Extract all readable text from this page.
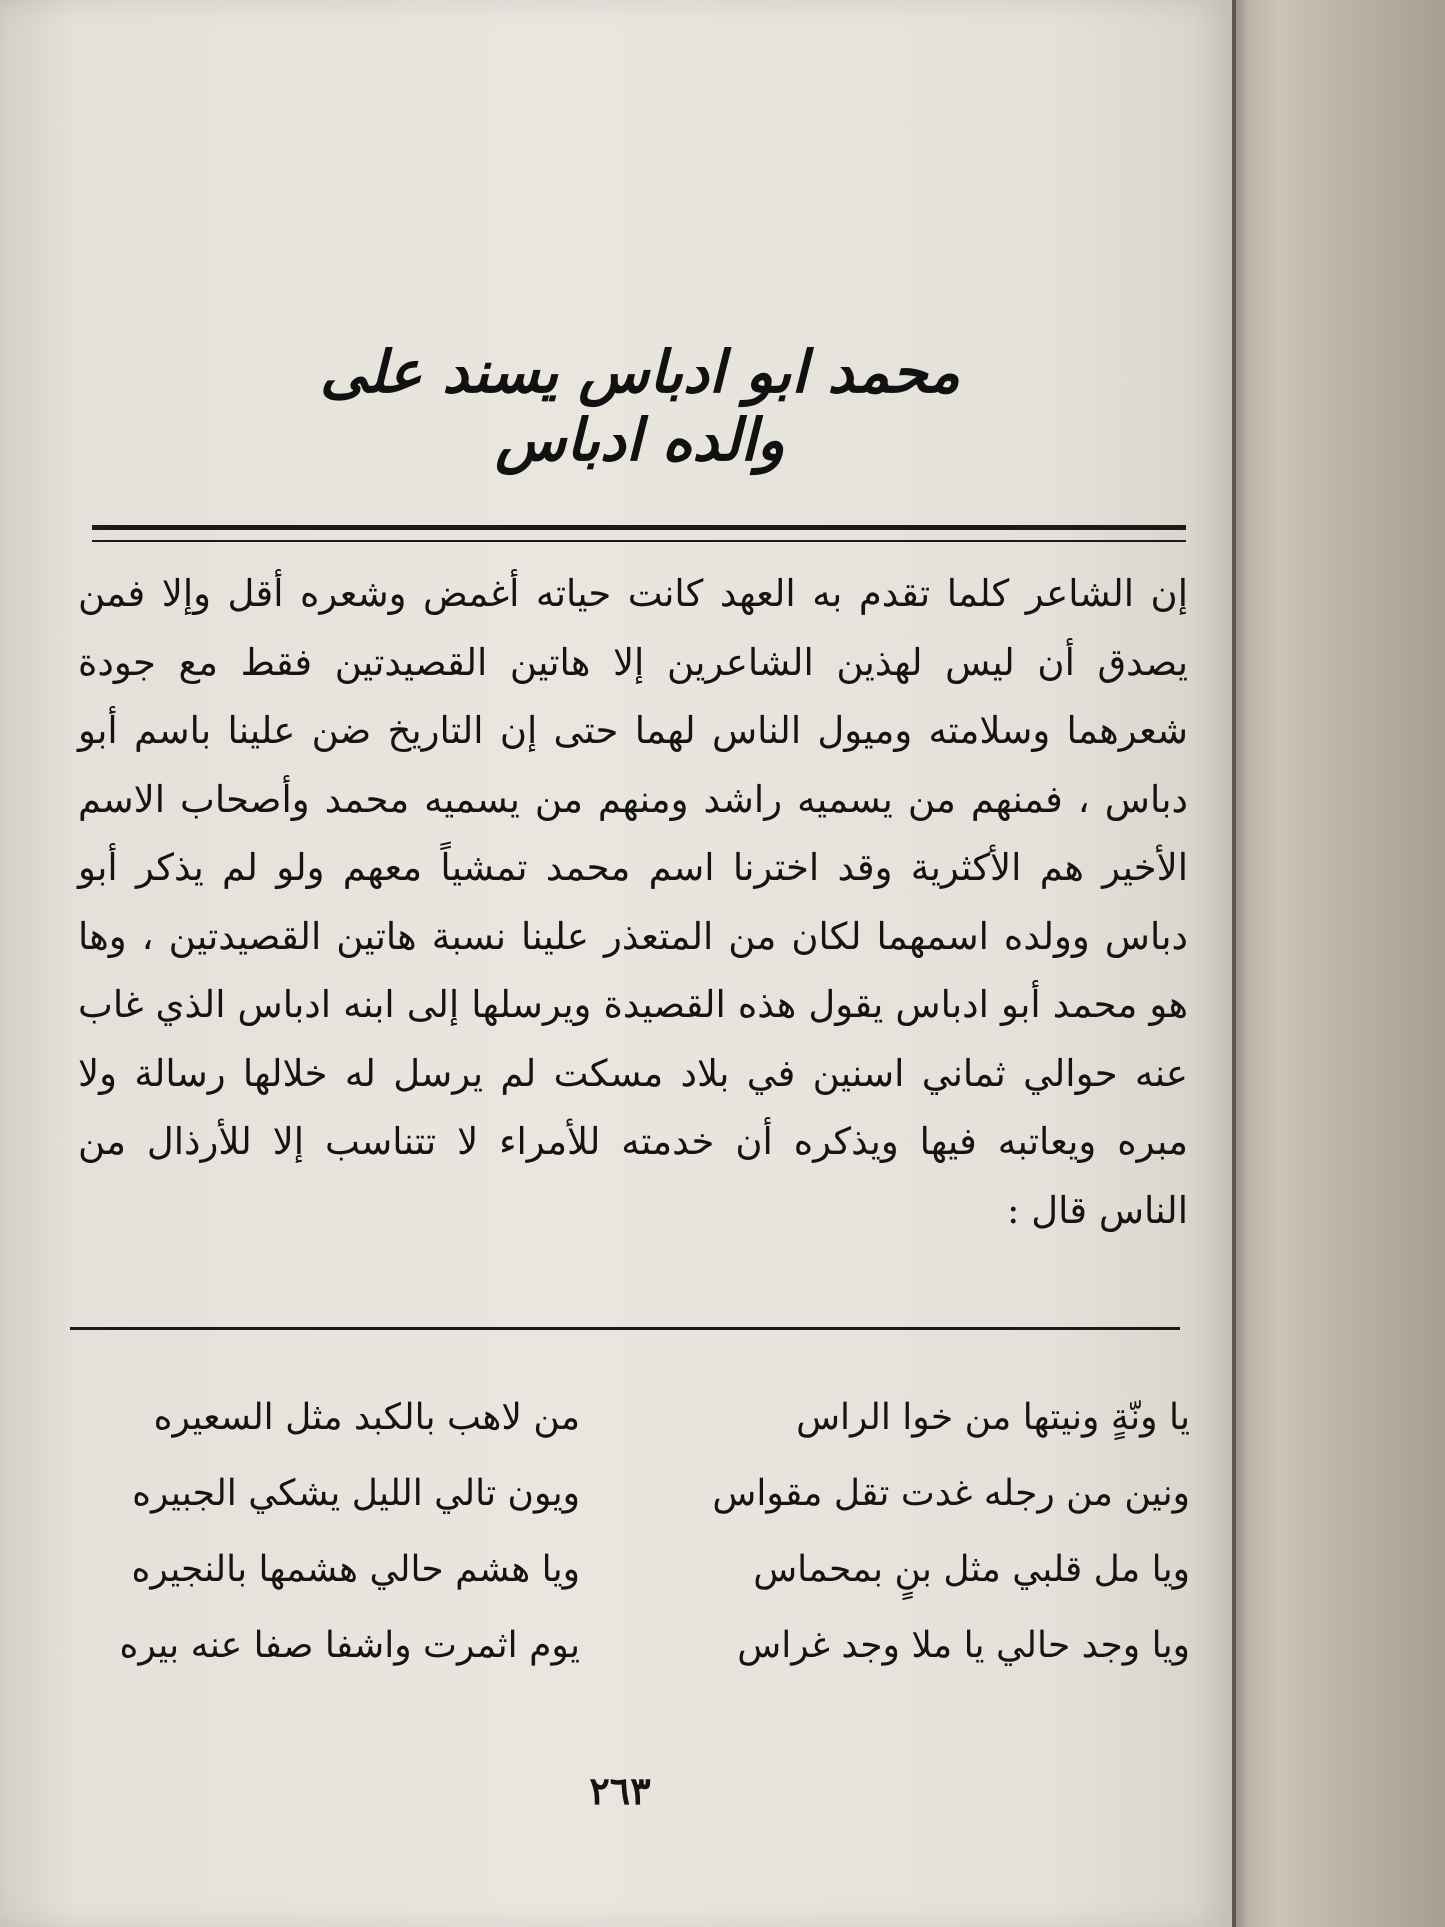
محمد ابو ادباس يسند على والده ادباس

إن الشاعر كلما تقدم به العهد كانت حياته أغمض وشعره أقل وإلا فمن يصدق أن ليس لهذين الشاعرين إلا هاتين القصيدتين فقط مع جودة شعرهما وسلامته وميول الناس لهما حتى إن التاريخ ضن علينا باسم أبو دباس ، فمنهم من يسميه راشد ومنهم من يسميه محمد وأصحاب الاسم الأخير هم الأكثرية وقد اخترنا اسم محمد تمشياً معهم ولو لم يذكر أبو دباس وولده اسمهما لكان من المتعذر علينا نسبة هاتين القصيدتين ، وها هو محمد أبو ادباس يقول هذه القصيدة ويرسلها إلى ابنه ادباس الذي غاب عنه حوالي ثماني اسنين في بلاد مسكت لم يرسل له خلالها رسالة ولا مبره ويعاتبه فيها ويذكره أن خدمته للأمراء لا تتناسب إلا للأرذال من الناس قال :

يا ونّةٍ ونيتها من خوا الراس
من لاهب بالكبد مثل السعيره
ونين من رجله غدت تقل مقواس
ويون تالي الليل يشكي الجبيره
ويا مل قلبي مثل بنٍ بمحماس
ويا هشم حالي هشمها بالنجيره
ويا وجد حالي يا ملا وجد غراس
يوم اثمرت واشفا صفا عنه بيره

٢٦٣
